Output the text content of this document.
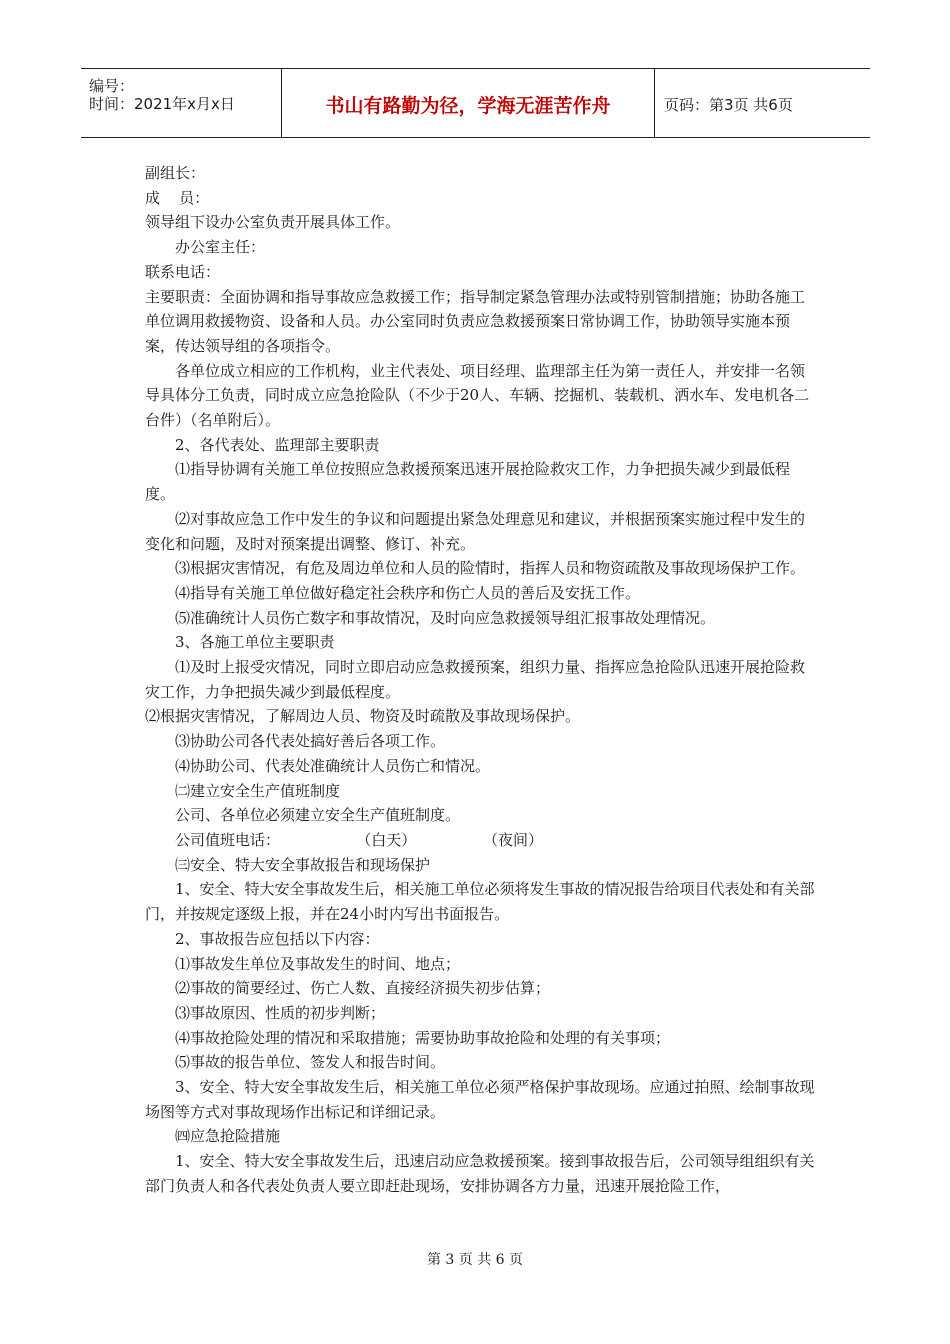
编号：
时间：2021年x月x日	书山有路勤为径，学海无涯苦作舟	页码：第3页 共6页

副组长：

成    员：

领导组下设办公室负责开展具体工作。

办公室主任：

联系电话：

主要职责：全面协调和指导事故应急救援工作；指导制定紧急管理办法或特别管制措施；协助各施工单位调用救援物资、设备和人员。办公室同时负责应急救援预案日常协调工作，协助领导实施本预案，传达领导组的各项指令。

各单位成立相应的工作机构，业主代表处、项目经理、监理部主任为第一责任人，并安排一名领导具体分工负责，同时成立应急抢险队（不少于20人、车辆、挖掘机、装载机、洒水车、发电机各二台件）（名单附后）。

2、各代表处、监理部主要职责

⑴指导协调有关施工单位按照应急救援预案迅速开展抢险救灾工作，力争把损失减少到最低程度。

⑵对事故应急工作中发生的争议和问题提出紧急处理意见和建议，并根据预案实施过程中发生的变化和问题，及时对预案提出调整、修订、补充。

⑶根据灾害情况，有危及周边单位和人员的险情时，指挥人员和物资疏散及事故现场保护工作。

⑷指导有关施工单位做好稳定社会秩序和伤亡人员的善后及安抚工作。

⑸准确统计人员伤亡数字和事故情况，及时向应急救援领导组汇报事故处理情况。

3、各施工单位主要职责

⑴及时上报受灾情况，同时立即启动应急救援预案，组织力量、指挥应急抢险队迅速开展抢险救灾工作，力争把损失减少到最低程度。

⑵根据灾害情况，了解周边人员、物资及时疏散及事故现场保护。

⑶协助公司各代表处搞好善后各项工作。

⑷协助公司、代表处准确统计人员伤亡和情况。

㈡建立安全生产值班制度

公司、各单位必须建立安全生产值班制度。

公司值班电话：                （白天）              （夜间）

㈢安全、特大安全事故报告和现场保护

1、安全、特大安全事故发生后，相关施工单位必须将发生事故的情况报告给项目代表处和有关部门，并按规定逐级上报，并在24小时内写出书面报告。

2、事故报告应包括以下内容：

⑴事故发生单位及事故发生的时间、地点；

⑵事故的简要经过、伤亡人数、直接经济损失初步估算；

⑶事故原因、性质的初步判断；

⑷事故抢险处理的情况和采取措施；需要协助事故抢险和处理的有关事项；

⑸事故的报告单位、签发人和报告时间。

3、安全、特大安全事故发生后，相关施工单位必须严格保护事故现场。应通过拍照、绘制事故现场图等方式对事故现场作出标记和详细记录。

㈣应急抢险措施

1、安全、特大安全事故发生后，迅速启动应急救援预案。接到事故报告后，公司领导组组织有关部门负责人和各代表处负责人要立即赶赴现场，安排协调各方力量，迅速开展抢险工作，

第 3 页 共 6 页
